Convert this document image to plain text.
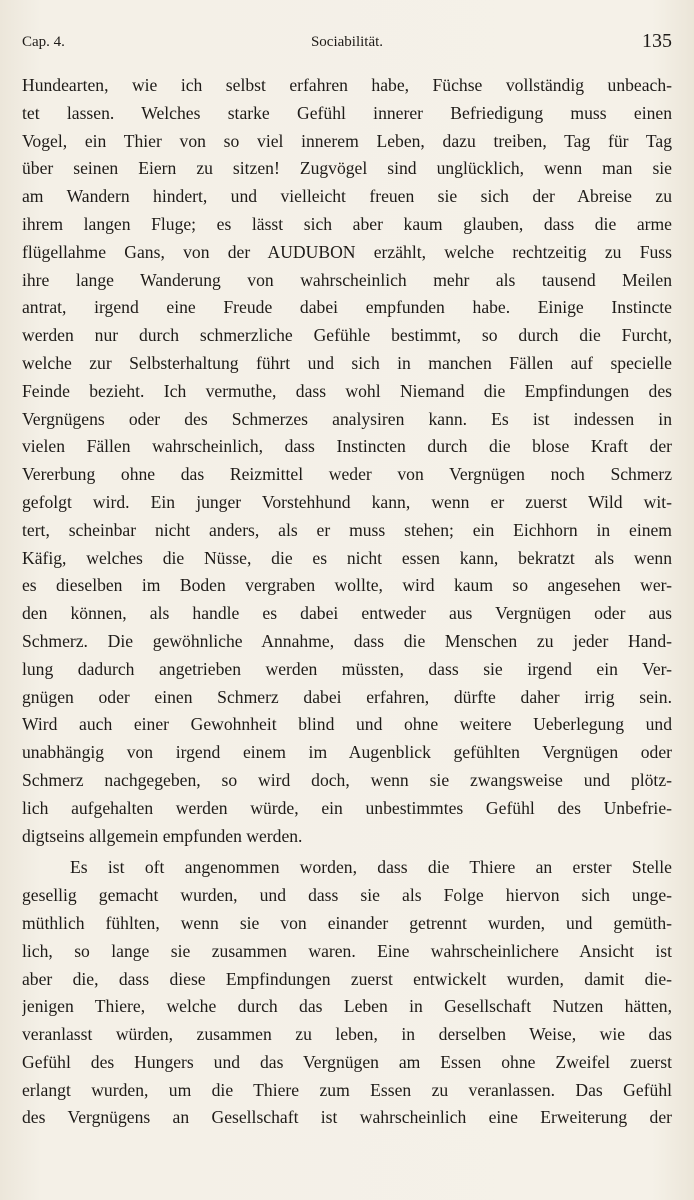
Cap. 4.	Sociabilität.	135
Hundearten, wie ich selbst erfahren habe, Füchse vollständig unbeach-
tet lassen. Welches starke Gefühl innerer Befriedigung muss einen
Vogel, ein Thier von so viel innerem Leben, dazu treiben, Tag für Tag
über seinen Eiern zu sitzen! Zugvögel sind unglücklich, wenn man sie
am Wandern hindert, und vielleicht freuen sie sich der Abreise zu
ihrem langen Fluge; es lässt sich aber kaum glauben, dass die arme
flügellahme Gans, von der AUDUBON erzählt, welche rechtzeitig zu Fuss
ihre lange Wanderung von wahrscheinlich mehr als tausend Meilen
antrat, irgend eine Freude dabei empfunden habe. Einige Instincte
werden nur durch schmerzliche Gefühle bestimmt, so durch die Furcht,
welche zur Selbsterhaltung führt und sich in manchen Fällen auf specielle
Feinde bezieht. Ich vermuthe, dass wohl Niemand die Empfindungen des
Vergnügens oder des Schmerzes analysiren kann. Es ist indessen in
vielen Fällen wahrscheinlich, dass Instincten durch die blose Kraft der
Vererbung ohne das Reizmittel weder von Vergnügen noch Schmerz
gefolgt wird. Ein junger Vorstehhund kann, wenn er zuerst Wild wit-
tert, scheinbar nicht anders, als er muss stehen; ein Eichhorn in einem
Käfig, welches die Nüsse, die es nicht essen kann, bekratzt als wenn
es dieselben im Boden vergraben wollte, wird kaum so angesehen wer-
den können, als handle es dabei entweder aus Vergnügen oder aus
Schmerz. Die gewöhnliche Annahme, dass die Menschen zu jeder Hand-
lung dadurch angetrieben werden müssten, dass sie irgend ein Ver-
gnügen oder einen Schmerz dabei erfahren, dürfte daher irrig sein.
Wird auch einer Gewohnheit blind und ohne weitere Ueberlegung und
unabhängig von irgend einem im Augenblick gefühlten Vergnügen oder
Schmerz nachgegeben, so wird doch, wenn sie zwangsweise und plötz-
lich aufgehalten werden würde, ein unbestimmtes Gefühl des Unbefrie-
digtseins allgemein empfunden werden.
Es ist oft angenommen worden, dass die Thiere an erster Stelle
gesellig gemacht wurden, und dass sie als Folge hiervon sich unge-
müthlich fühlten, wenn sie von einander getrennt wurden, und gemüth-
lich, so lange sie zusammen waren. Eine wahrscheinlichere Ansicht ist
aber die, dass diese Empfindungen zuerst entwickelt wurden, damit die-
jenigen Thiere, welche durch das Leben in Gesellschaft Nutzen hätten,
veranlasst würden, zusammen zu leben, in derselben Weise, wie das
Gefühl des Hungers und das Vergnügen am Essen ohne Zweifel zuerst
erlangt wurden, um die Thiere zum Essen zu veranlassen. Das Gefühl
des Vergnügens an Gesellschaft ist wahrscheinlich eine Erweiterung der
